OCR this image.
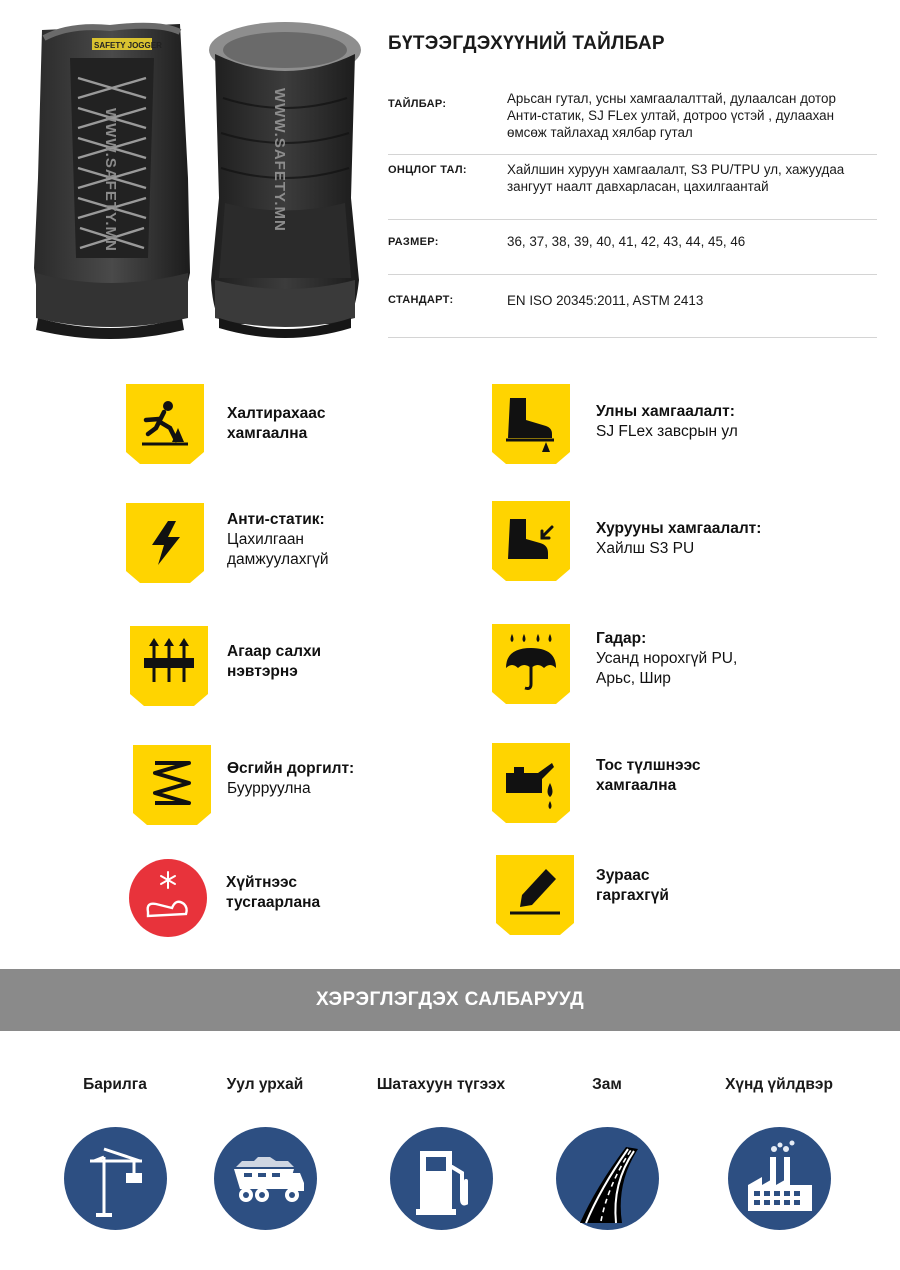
SAFETY JOGGER
WWW.SAFETY.MN	WWW.SAFETY.MN
БҮТЭЭГДЭХҮҮНИЙ ТАЙЛБАР
ТАЙЛБАР:	Арьсан гутал, усны хамгаалалттай, дулаалсан дотор
Анти-статик, SJ FLex ултай, дотроо үстэй , дулаахан
өмсөж тайлахад хялбар гутал
ОНЦЛОГ ТАЛ:	Хайлшин хуруун хамгаалалт, S3 PU/TPU ул, хажуудаа
зангуут наалт давхарласан, цахилгаантай
РАЗМЕР:	36, 37, 38, 39, 40, 41, 42, 43, 44, 45, 46
СТАНДАРТ:	EN ISO 20345:2011, ASTM 2413
Халтирахаас
хамгаална
Улны хамгаалалт:
SJ FLex завсрын ул
Анти-статик:
Цахилгаан
дамжуулахгүй
Хурууны хамгаалалт:
Хайлш S3 PU
Агаар салхи
нэвтэрнэ
Гадар:
Усанд норохгүй PU,
Арьс, Шир
Өсгийн доргилт:
Буурруулна
Тос түлшнээс
хамгаална
Хүйтнээс
тусгаарлана
Зураас
гаргахгүй
ХЭРЭГЛЭГДЭХ САЛБАРУУД
Барилга	Уул урхай	Шатахуун түгээх	Зам	Хүнд үйлдвэр
